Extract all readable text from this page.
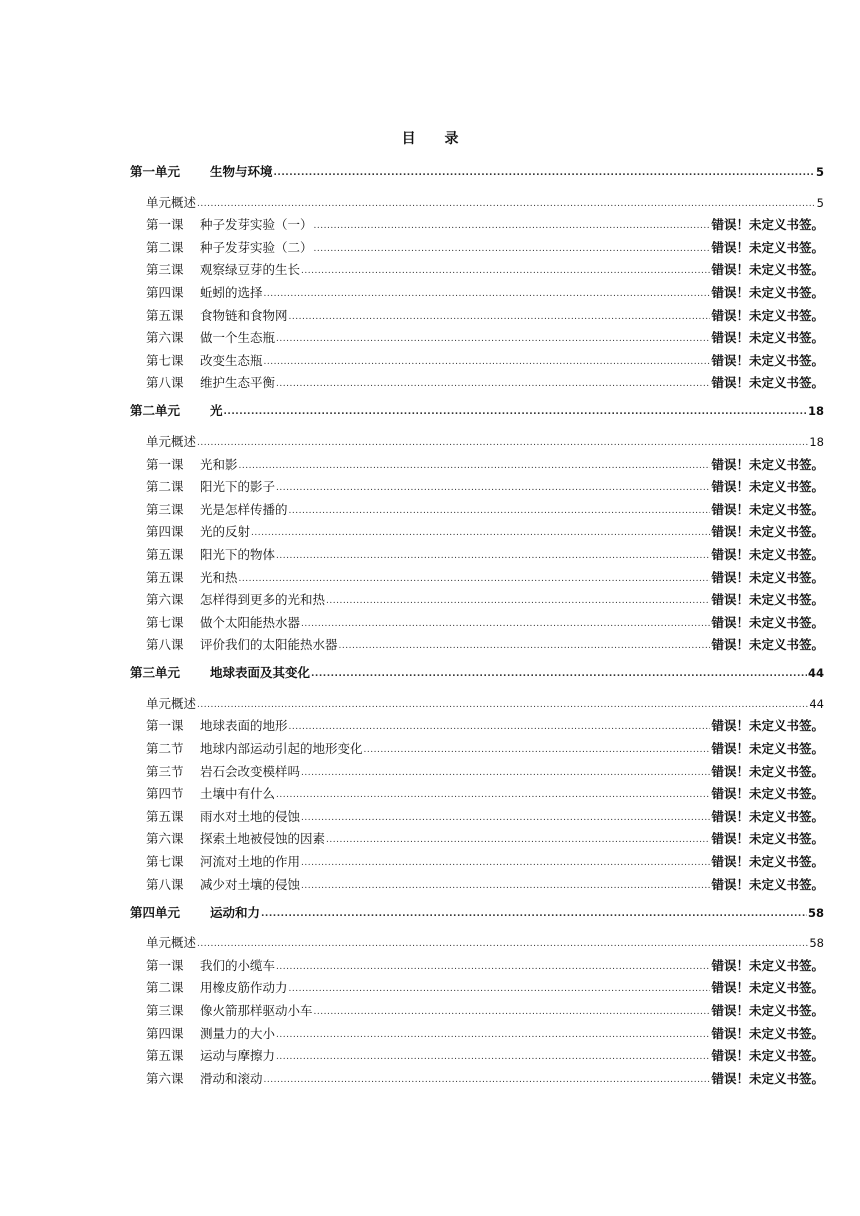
目 录
第一单元	生物与环境 .....	5
单元概述 .....	5
第一课	种子发芽实验（一） .....	错误！未定义书签。
第二课	种子发芽实验（二） .....	错误！未定义书签。
第三课	观察绿豆芽的生长 .....	错误！未定义书签。
第四课	蚯蚓的选择 .....	错误！未定义书签。
第五课	食物链和食物网 .....	错误！未定义书签。
第六课	做一个生态瓶 .....	错误！未定义书签。
第七课	改变生态瓶 .....	错误！未定义书签。
第八课	维护生态平衡 .....	错误！未定义书签。
第二单元	光 .....	18
单元概述 .....	18
第一课	光和影 .....	错误！未定义书签。
第二课	阳光下的影子 .....	错误！未定义书签。
第三课	光是怎样传播的 .....	错误！未定义书签。
第四课	光的反射 .....	错误！未定义书签。
第五课	阳光下的物体 .....	错误！未定义书签。
第五课	光和热 .....	错误！未定义书签。
第六课	怎样得到更多的光和热 .....	错误！未定义书签。
第七课	做个太阳能热水器 .....	错误！未定义书签。
第八课	评价我们的太阳能热水器 .....	错误！未定义书签。
第三单元	地球表面及其变化 .....	44
单元概述 .....	44
第一课	地球表面的地形 .....	错误！未定义书签。
第二节	地球内部运动引起的地形变化 .....	错误！未定义书签。
第三节	岩石会改变模样吗 .....	错误！未定义书签。
第四节	土壤中有什么 .....	错误！未定义书签。
第五课	雨水对土地的侵蚀 .....	错误！未定义书签。
第六课	探索土地被侵蚀的因素 .....	错误！未定义书签。
第七课	河流对土地的作用 .....	错误！未定义书签。
第八课	减少对土壤的侵蚀 .....	错误！未定义书签。
第四单元	运动和力 .....	58
单元概述 .....	58
第一课	我们的小缆车 .....	错误！未定义书签。
第二课	用橡皮筋作动力 .....	错误！未定义书签。
第三课	像火箭那样驱动小车 .....	错误！未定义书签。
第四课	测量力的大小 .....	错误！未定义书签。
第五课	运动与摩擦力 .....	错误！未定义书签。
第六课	滑动和滚动 .....	错误！未定义书签。
